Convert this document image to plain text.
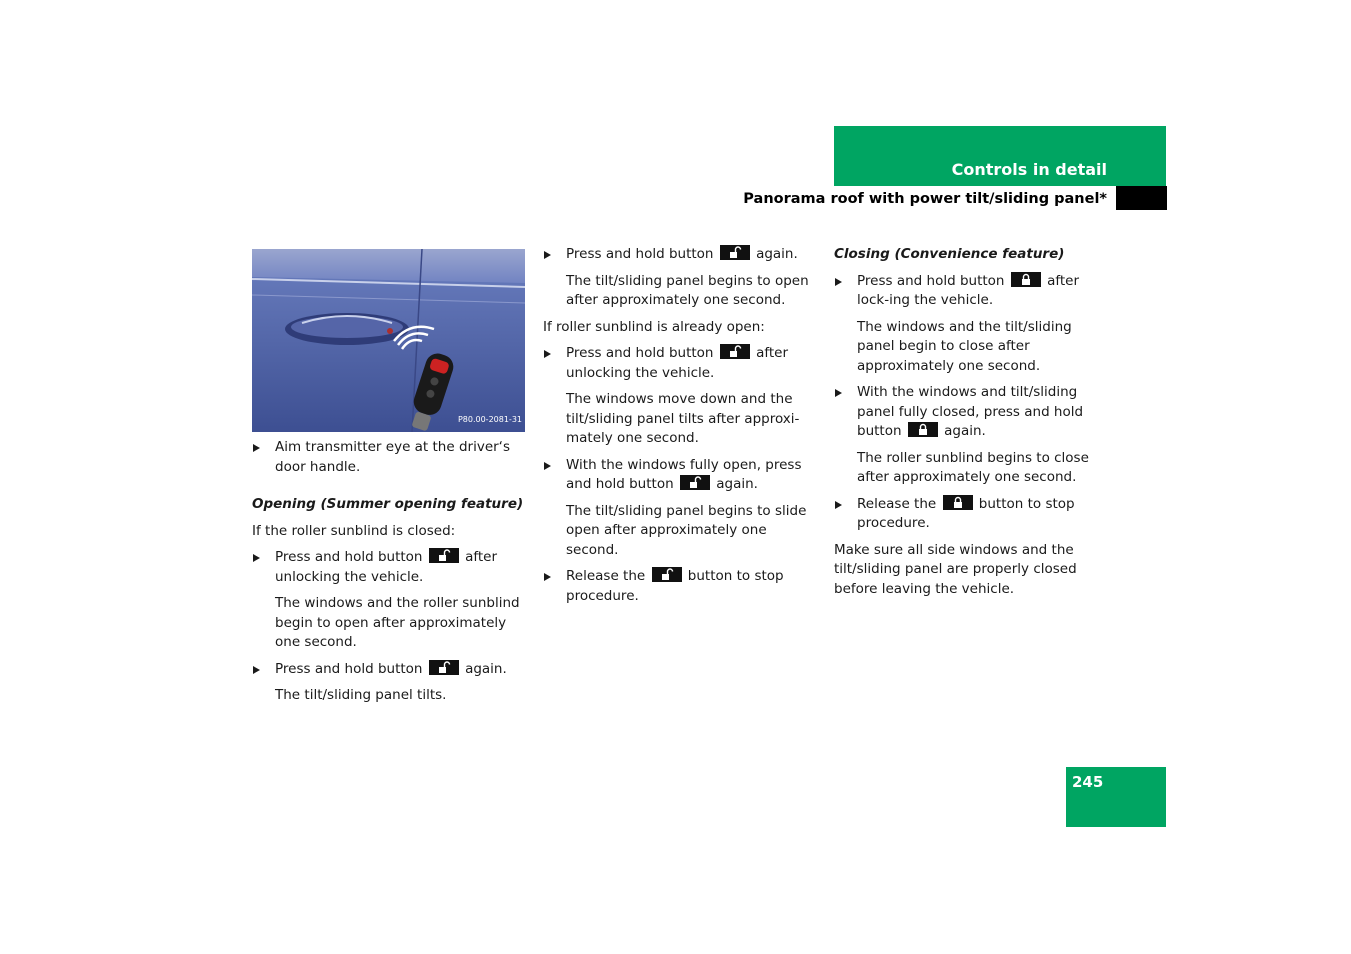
Controls in detail
Panorama roof with power tilt/sliding panel*
P80.00-2081-31
Aim transmitter eye at the driver‘s door handle.
Opening (Summer opening feature)
If the roller sunblind is closed:
Press and hold button	after unlocking the vehicle.
The windows and the roller sunblind begin to open after approximately one second.
Press and hold button	again.
The tilt/sliding panel tilts.
Press and hold button	again.
The tilt/sliding panel begins to open after approximately one second.
If roller sunblind is already open:
Press and hold button	after unlocking the vehicle.
The windows move down and the tilt/sliding panel tilts after approxi-mately one second.
With the windows fully open, press and hold button	again.
The tilt/sliding panel begins to slide open after approximately one second.
Release the	button to stop procedure.
Closing (Convenience feature)
Press and hold button	after lock-ing the vehicle.
The windows and the tilt/sliding panel begin to close after approximately one second.
With the windows and tilt/sliding panel fully closed, press and hold button	again.
The roller sunblind begins to close after approximately one second.
Release the	button to stop procedure.
Make sure all side windows and the tilt/sliding panel are properly closed before leaving the vehicle.
245
